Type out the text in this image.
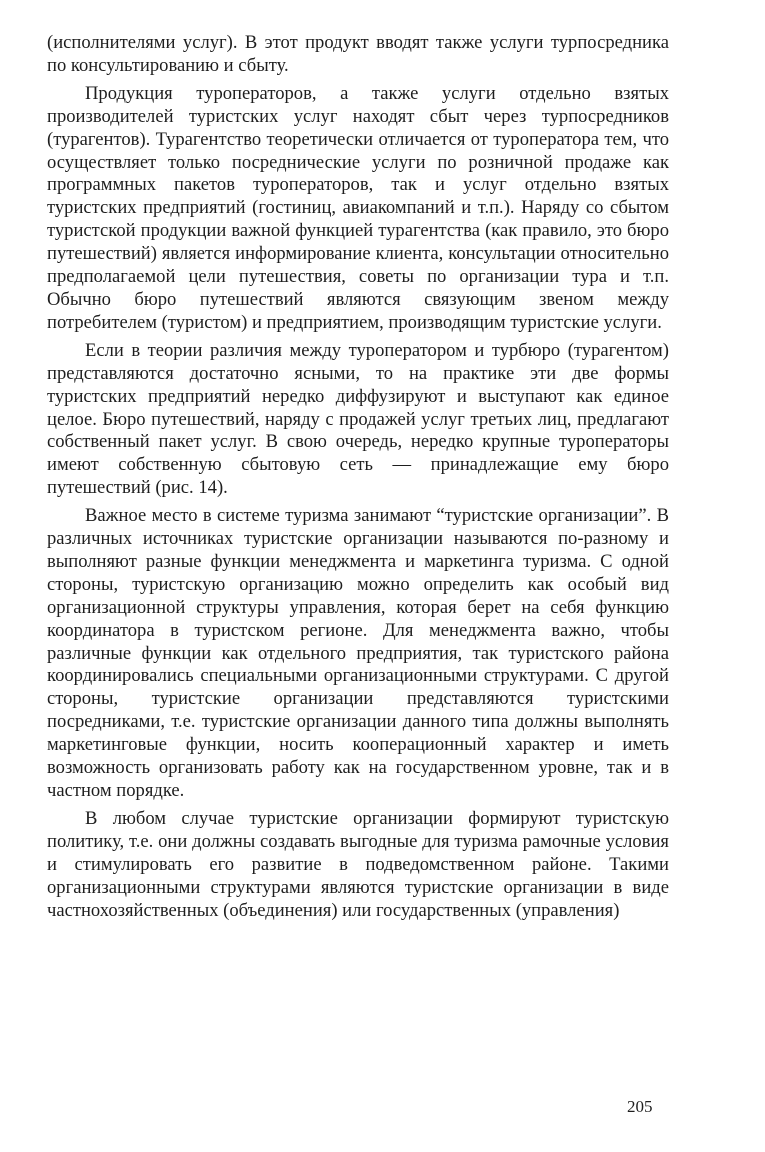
(исполнителями услуг). В этот продукт вводят также услуги турпосредника по консультированию и сбыту.

Продукция туроператоров, а также услуги отдельно взятых производителей туристских услуг находят сбыт через турпосредников (турагентов). Турагентство теоретически отличается от туроператора тем, что осуществляет только посреднические услуги по розничной продаже как программных пакетов туроператоров, так и услуг отдельно взятых туристских предприятий (гостиниц, авиакомпаний и т.п.). Наряду со сбытом туристской продукции важной функцией турагентства (как правило, это бюро путешествий) является информирование клиента, консультации относительно предполагаемой цели путешествия, советы по организации тура и т.п. Обычно бюро путешествий являются связующим звеном между потребителем (туристом) и предприятием, производящим туристские услуги.

Если в теории различия между туроператором и турбюро (турагентом) представляются достаточно ясными, то на практике эти две формы туристских предприятий нередко диффузируют и выступают как единое целое. Бюро путешествий, наряду с продажей услуг третьих лиц, предлагают собственный пакет услуг. В свою очередь, нередко крупные туроператоры имеют собственную сбытовую сеть — принадлежащие ему бюро путешествий (рис. 14).

Важное место в системе туризма занимают “туристские организации”. В различных источниках туристские организации называются по-разному и выполняют разные функции менеджмента и маркетинга туризма. С одной стороны, туристскую организацию можно определить как особый вид организационной структуры управления, которая берет на себя функцию координатора в туристском регионе. Для менеджмента важно, чтобы различные функции как отдельного предприятия, так туристского района координировались специальными организационными структурами. С другой стороны, туристские организации представляются туристскими посредниками, т.е. туристские организации данного типа должны выполнять маркетинговые функции, носить кооперационный характер и иметь возможность организовать работу как на государственном уровне, так и в частном порядке.

В любом случае туристские организации формируют туристскую политику, т.е. они должны создавать выгодные для туризма рамочные условия и стимулировать его развитие в подведомственном районе. Такими организационными структурами являются туристские организации в виде частнохозяйственных (объединения) или государственных (управления)

205
